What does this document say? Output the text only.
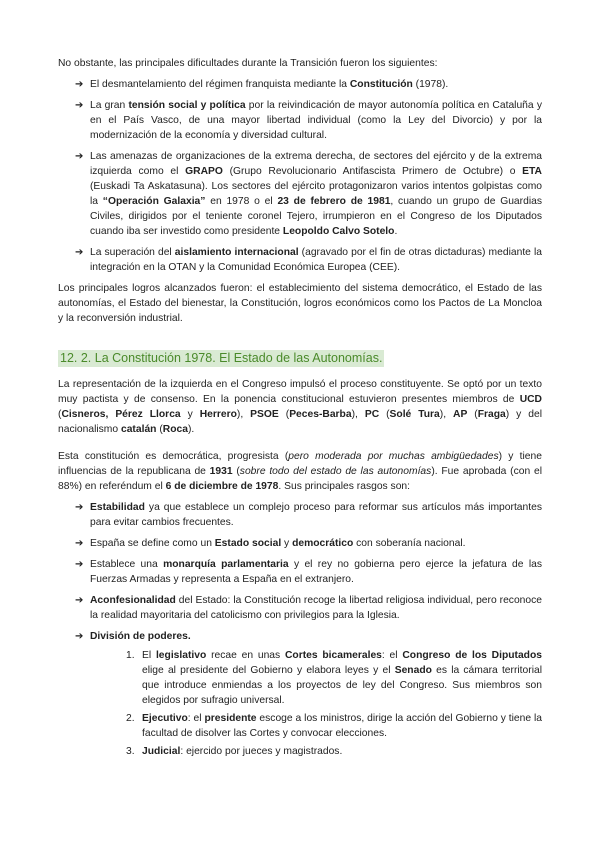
No obstante, las principales dificultades durante la Transición fueron los siguientes:

➔ El desmantelamiento del régimen franquista mediante la Constitución (1978).
➔ La gran tensión social y política por la reivindicación de mayor autonomía política en Cataluña y en el País Vasco, de una mayor libertad individual (como la Ley del Divorcio) y por la modernización de la economía y diversidad cultural.
➔ Las amenazas de organizaciones de la extrema derecha, de sectores del ejército y de la extrema izquierda como el GRAPO (Grupo Revolucionario Antifascista Primero de Octubre) o ETA (Euskadi Ta Askatasuna). Los sectores del ejército protagonizaron varios intentos golpistas como la “Operación Galaxia” en 1978 o el 23 de febrero de 1981, cuando un grupo de Guardias Civiles, dirigidos por el teniente coronel Tejero, irrumpieron en el Congreso de los Diputados cuando iba ser investido como presidente Leopoldo Calvo Sotelo.
➔ La superación del aislamiento internacional (agravado por el fin de otras dictaduras) mediante la integración en la OTAN y la Comunidad Económica Europea (CEE).

Los principales logros alcanzados fueron: el establecimiento del sistema democrático, el Estado de las autonomías, el Estado del bienestar, la Constitución, logros económicos como los Pactos de La Moncloa y la reconversión industrial.

12. 2. La Constitución 1978. El Estado de las Autonomías.

La representación de la izquierda en el Congreso impulsó el proceso constituyente. Se optó por un texto muy pactista y de consenso. En la ponencia constitucional estuvieron presentes miembros de UCD (Cisneros, Pérez Llorca y Herrero), PSOE (Peces-Barba), PC (Solé Tura), AP (Fraga) y del nacionalismo catalán (Roca).

Esta constitución es democrática, progresista (pero moderada por muchas ambigüedades) y tiene influencias de la republicana de 1931 (sobre todo del estado de las autonomías). Fue aprobada (con el 88%) en referéndum el 6 de diciembre de 1978. Sus principales rasgos son:

➔ Estabilidad ya que establece un complejo proceso para reformar sus artículos más importantes para evitar cambios frecuentes.
➔ España se define como un Estado social y democrático con soberanía nacional.
➔ Establece una monarquía parlamentaria y el rey no gobierna pero ejerce la jefatura de las Fuerzas Armadas y representa a España en el extranjero.
➔ Aconfesionalidad del Estado: la Constitución recoge la libertad religiosa individual, pero reconoce la realidad mayoritaria del catolicismo con privilegios para la Iglesia.
➔ División de poderes.
1. El legislativo recae en unas Cortes bicamerales: el Congreso de los Diputados elige al presidente del Gobierno y elabora leyes y el Senado es la cámara territorial que introduce enmiendas a los proyectos de ley del Congreso. Sus miembros son elegidos por sufragio universal.
2. Ejecutivo: el presidente escoge a los ministros, dirige la acción del Gobierno y tiene la facultad de disolver las Cortes y convocar elecciones.
3. Judicial: ejercido por jueces y magistrados.
